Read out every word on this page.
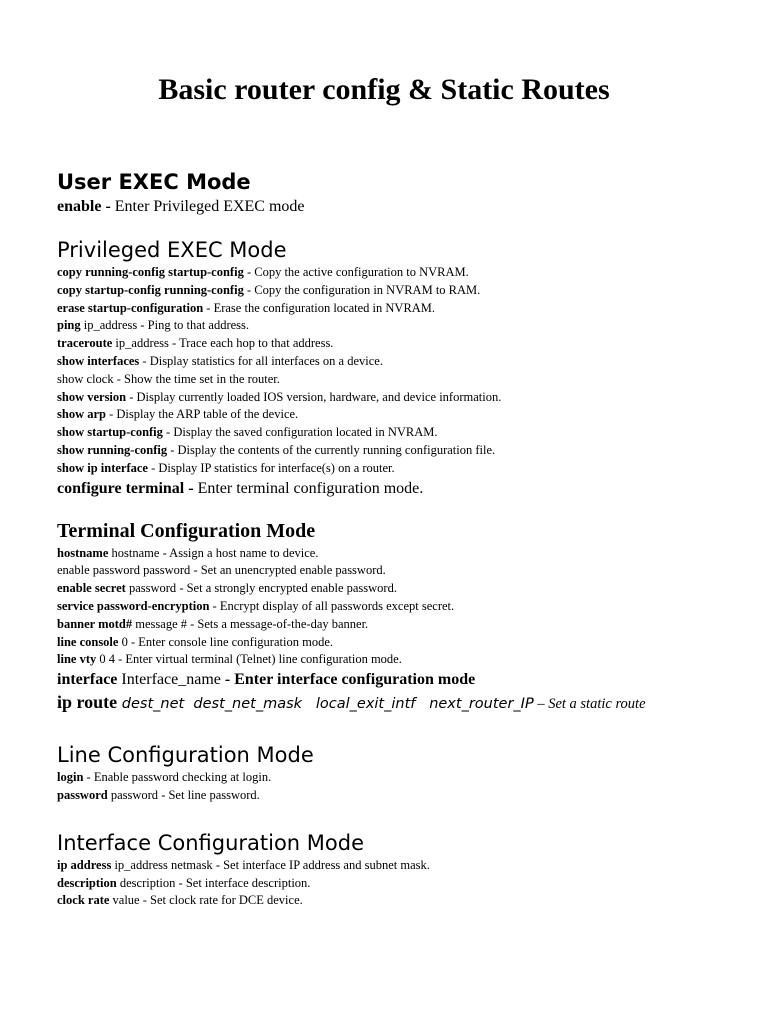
Basic router config & Static Routes
User EXEC Mode
enable - Enter Privileged EXEC mode
Privileged EXEC Mode
copy running-config startup-config - Copy the active configuration to NVRAM.
copy startup-config running-config - Copy the configuration in NVRAM to RAM.
erase startup-configuration - Erase the configuration located in NVRAM.
ping ip_address - Ping to that address.
traceroute ip_address - Trace each hop to that address.
show interfaces - Display statistics for all interfaces on a device.
show clock - Show the time set in the router.
show version - Display currently loaded IOS version, hardware, and device information.
show arp - Display the ARP table of the device.
show startup-config - Display the saved configuration located in NVRAM.
show running-config - Display the contents of the currently running configuration file.
show ip interface - Display IP statistics for interface(s) on a router.
configure terminal - Enter terminal configuration mode.
Terminal Configuration Mode
hostname hostname - Assign a host name to device.
enable password password - Set an unencrypted enable password.
enable secret password - Set a strongly encrypted enable password.
service password-encryption - Encrypt display of all passwords except secret.
banner motd# message # - Sets a message-of-the-day banner.
line console 0 - Enter console line configuration mode.
line vty 0 4 - Enter virtual terminal (Telnet) line configuration mode.
interface Interface_name - Enter interface configuration mode
ip route dest_net  dest_net_mask   local_exit_intf   next_router_IP – Set a static route
Line Configuration Mode
login - Enable password checking at login.
password password - Set line password.
Interface Configuration Mode
ip address ip_address netmask - Set interface IP address and subnet mask.
description description - Set interface description.
clock rate value - Set clock rate for DCE device.
